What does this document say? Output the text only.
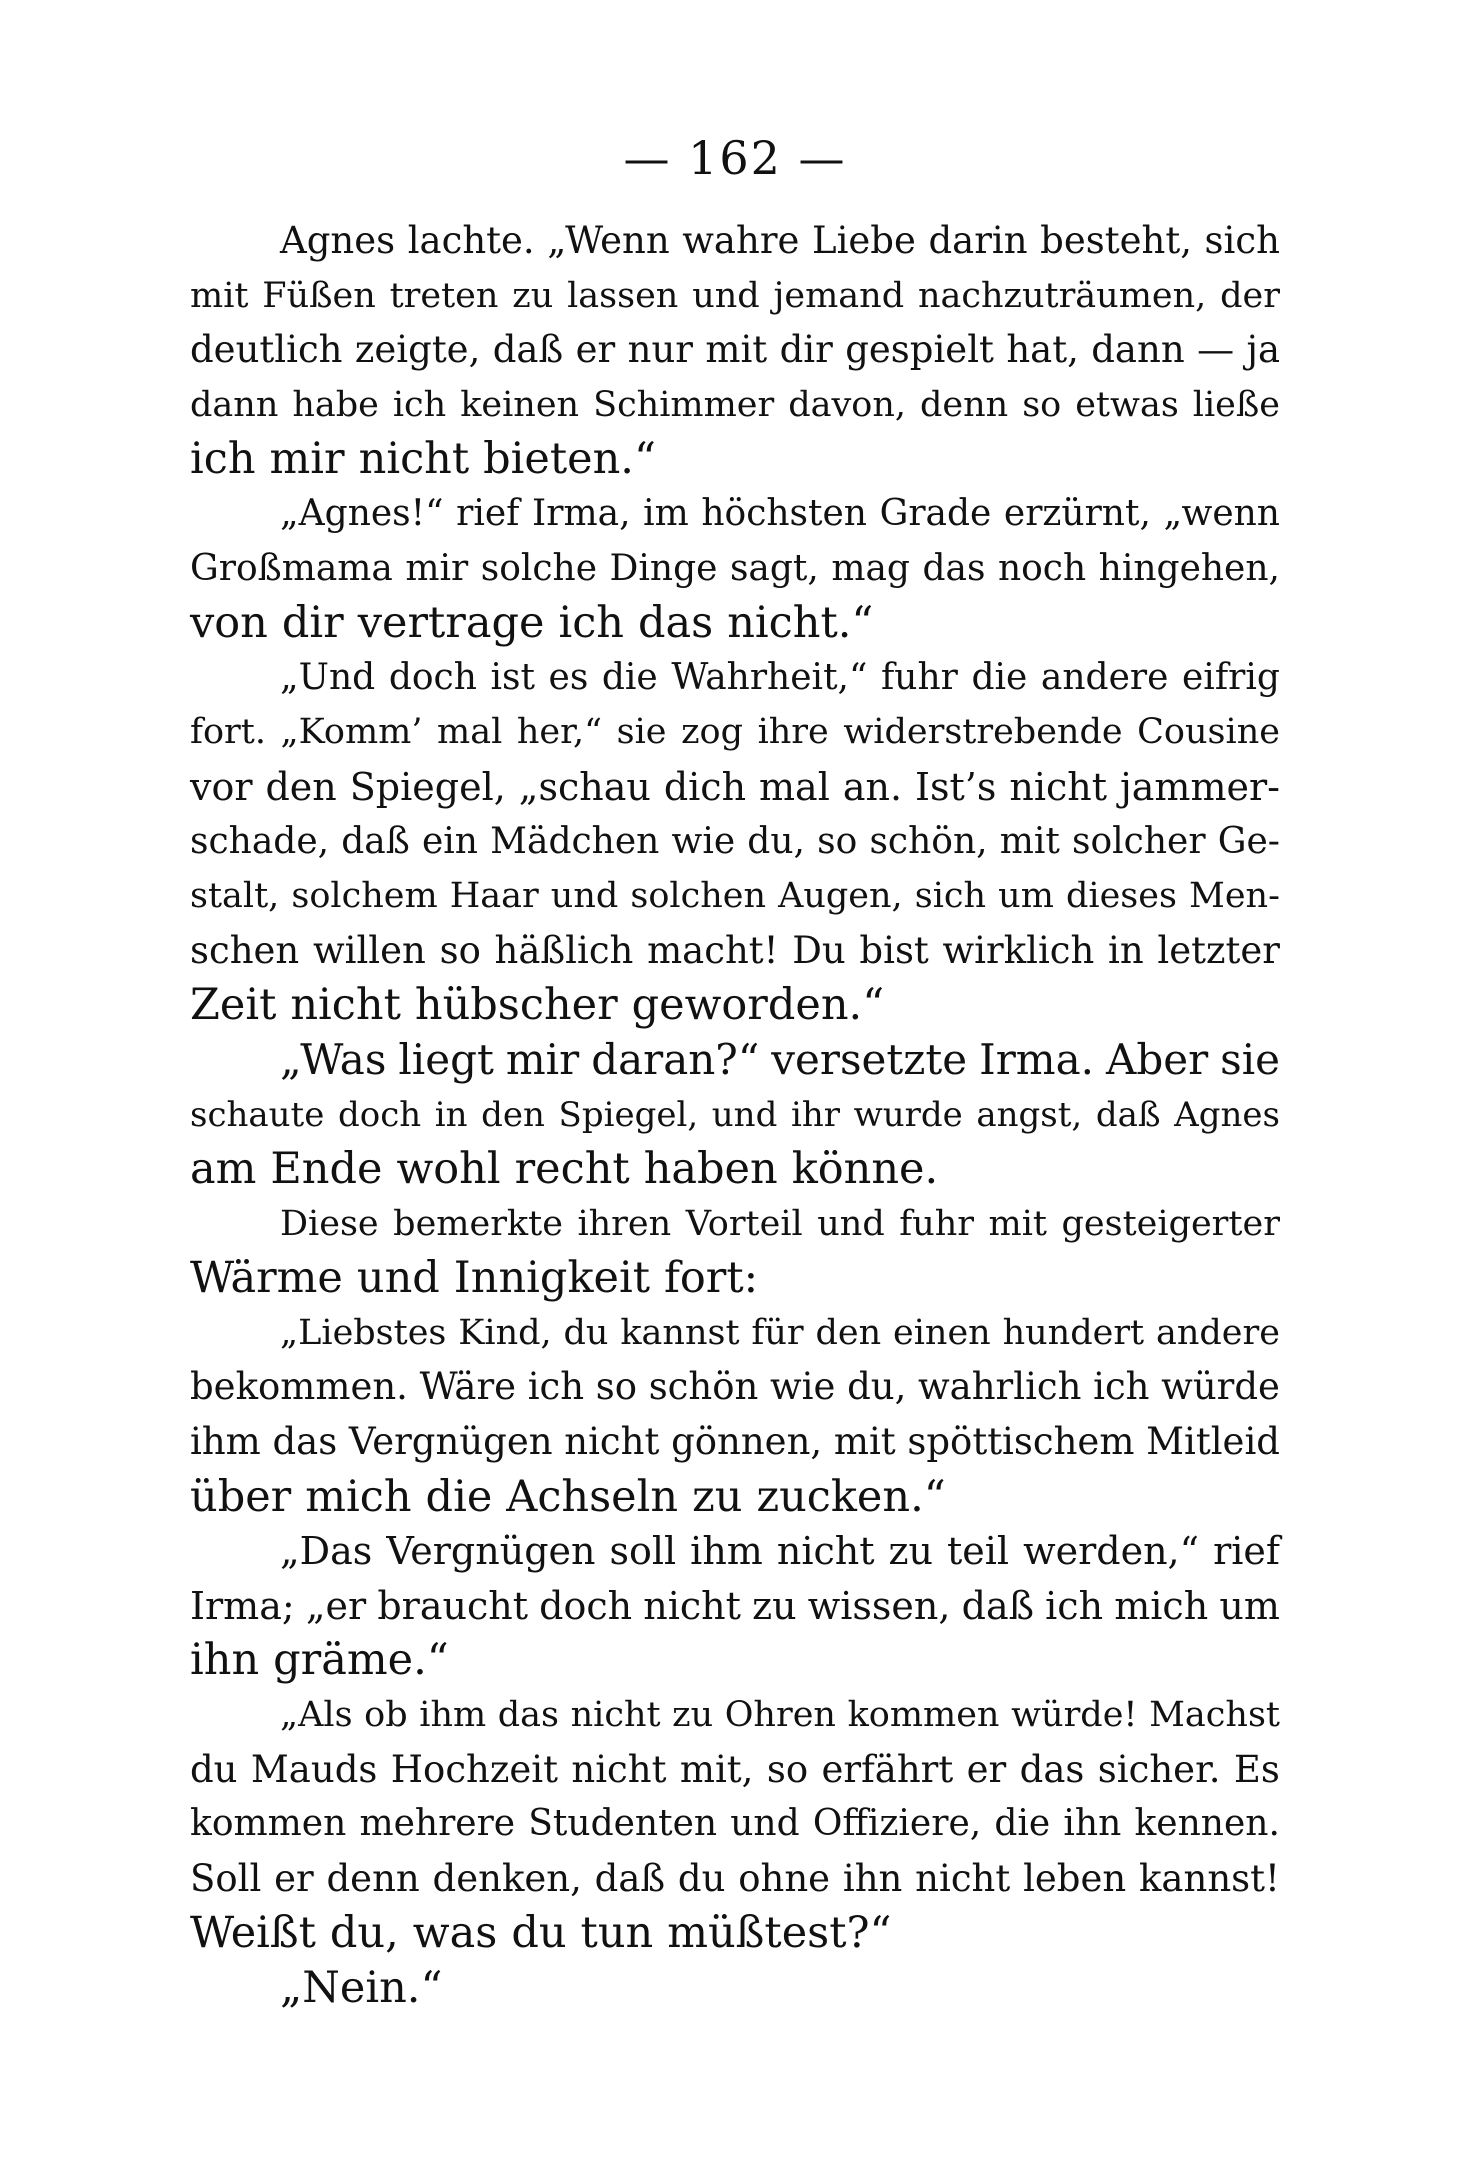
— 162 —
Agnes lachte. „Wenn wahre Liebe darin besteht, sich
mit Füßen treten zu lassen und jemand nachzuträumen, der
deutlich zeigte, daß er nur mit dir gespielt hat, dann — ja
dann habe ich keinen Schimmer davon, denn so etwas ließe
ich mir nicht bieten.“
„Agnes!“ rief Irma, im höchsten Grade erzürnt, „wenn
Großmama mir solche Dinge sagt, mag das noch hingehen,
von dir vertrage ich das nicht.“
„Und doch ist es die Wahrheit,“ fuhr die andere eifrig
fort. „Komm’ mal her,“ sie zog ihre widerstrebende Cousine
vor den Spiegel, „schau dich mal an. Ist’s nicht jammer-
schade, daß ein Mädchen wie du, so schön, mit solcher Ge-
stalt, solchem Haar und solchen Augen, sich um dieses Men-
schen willen so häßlich macht! Du bist wirklich in letzter
Zeit nicht hübscher geworden.“
„Was liegt mir daran?“ versetzte Irma. Aber sie
schaute doch in den Spiegel, und ihr wurde angst, daß Agnes
am Ende wohl recht haben könne.
Diese bemerkte ihren Vorteil und fuhr mit gesteigerter
Wärme und Innigkeit fort:
„Liebstes Kind, du kannst für den einen hundert andere
bekommen. Wäre ich so schön wie du, wahrlich ich würde
ihm das Vergnügen nicht gönnen, mit spöttischem Mitleid
über mich die Achseln zu zucken.“
„Das Vergnügen soll ihm nicht zu teil werden,“ rief
Irma; „er braucht doch nicht zu wissen, daß ich mich um
ihn gräme.“
„Als ob ihm das nicht zu Ohren kommen würde! Machst
du Mauds Hochzeit nicht mit, so erfährt er das sicher. Es
kommen mehrere Studenten und Offiziere, die ihn kennen.
Soll er denn denken, daß du ohne ihn nicht leben kannst!
Weißt du, was du tun müßtest?“
„Nein.“
